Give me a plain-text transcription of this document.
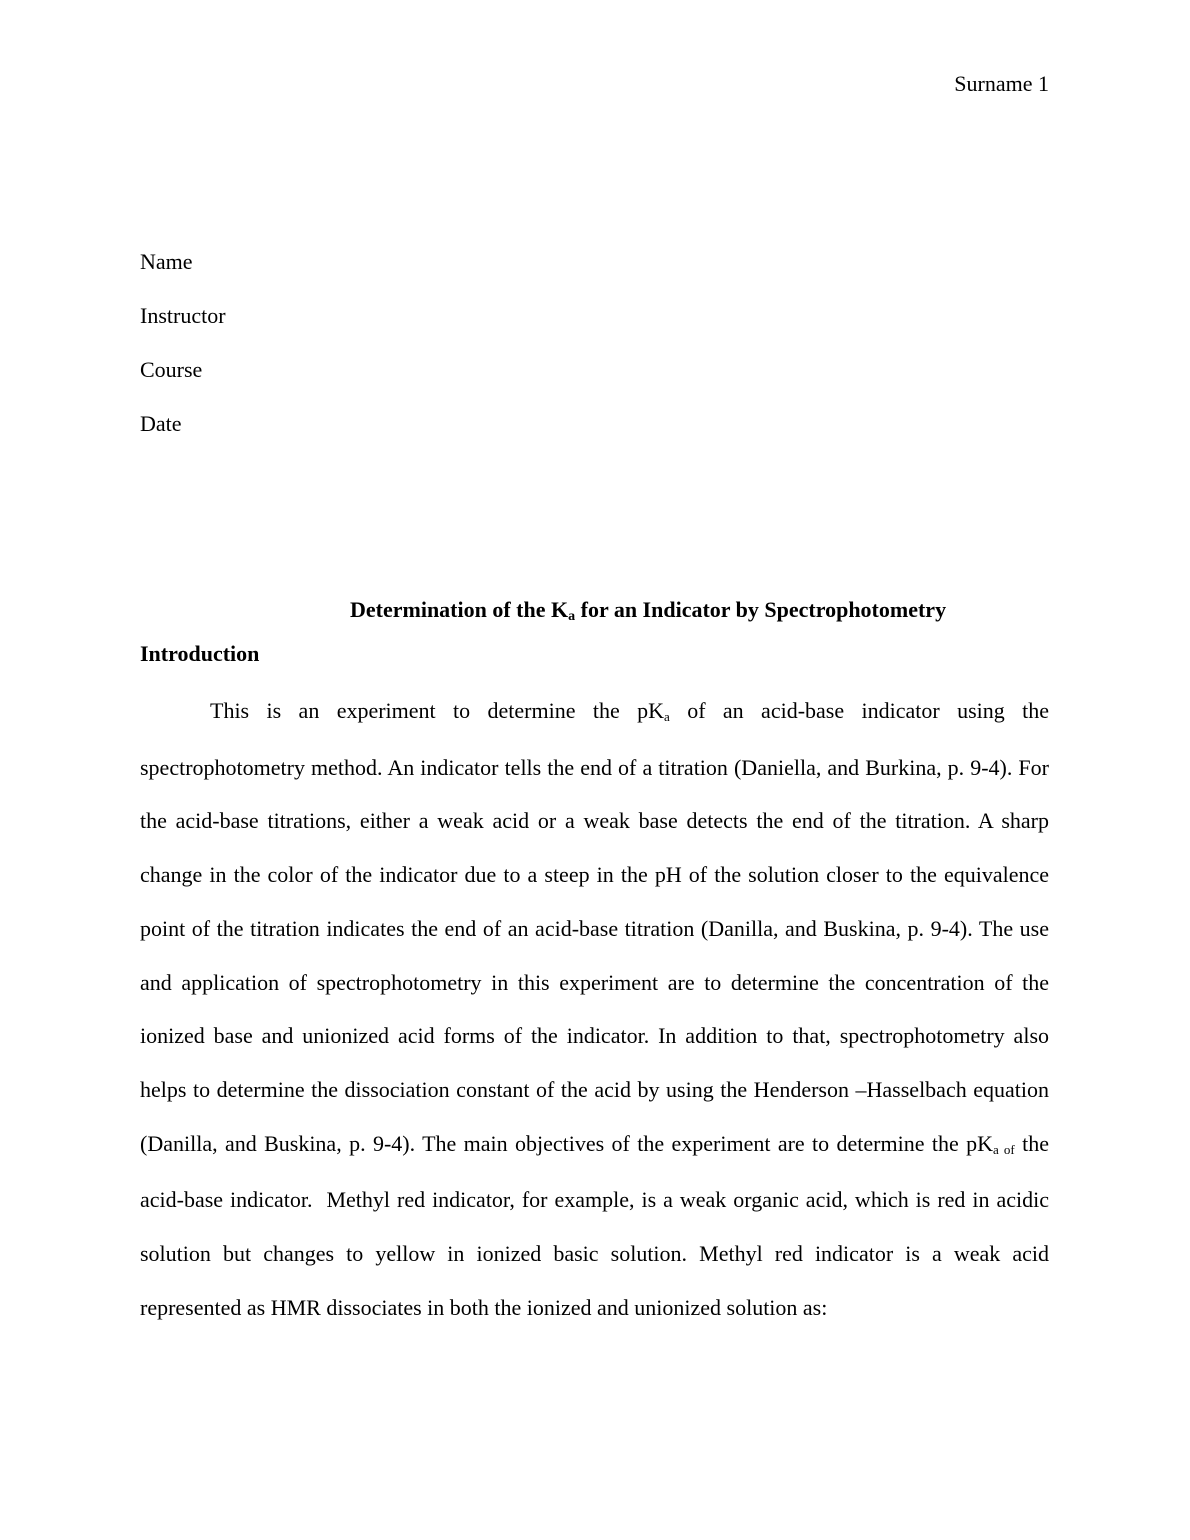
Surname 1
Name
Instructor
Course
Date
Determination of the $K_a$ for an Indicator by Spectrophotometry
Introduction

This is an experiment to determine the $pK_a$ of an acid-base indicator using the spectrophotometry method. An indicator tells the end of a titration (Daniella, and Burkina, p. 9-4). For the acid-base titrations, either a weak acid or a weak base detects the end of the titration. A sharp change in the color of the indicator due to a steep in the pH of the solution closer to the equivalence point of the titration indicates the end of an acid-base titration (Danilla, and Buskina, p. 9-4). The use and application of spectrophotometry in this experiment are to determine the concentration of the ionized base and unionized acid forms of the indicator. In addition to that, spectrophotometry also helps to determine the dissociation constant of the acid by using the Henderson –Hasselbach equation (Danilla, and Buskina, p. 9-4). The main objectives of the experiment are to determine the $pK_{a of}$ the acid-base indicator.  Methyl red indicator, for example, is a weak organic acid, which is red in acidic solution but changes to yellow in ionized basic solution. Methyl red indicator is a weak acid represented as HMR dissociates in both the ionized and unionized solution as:
